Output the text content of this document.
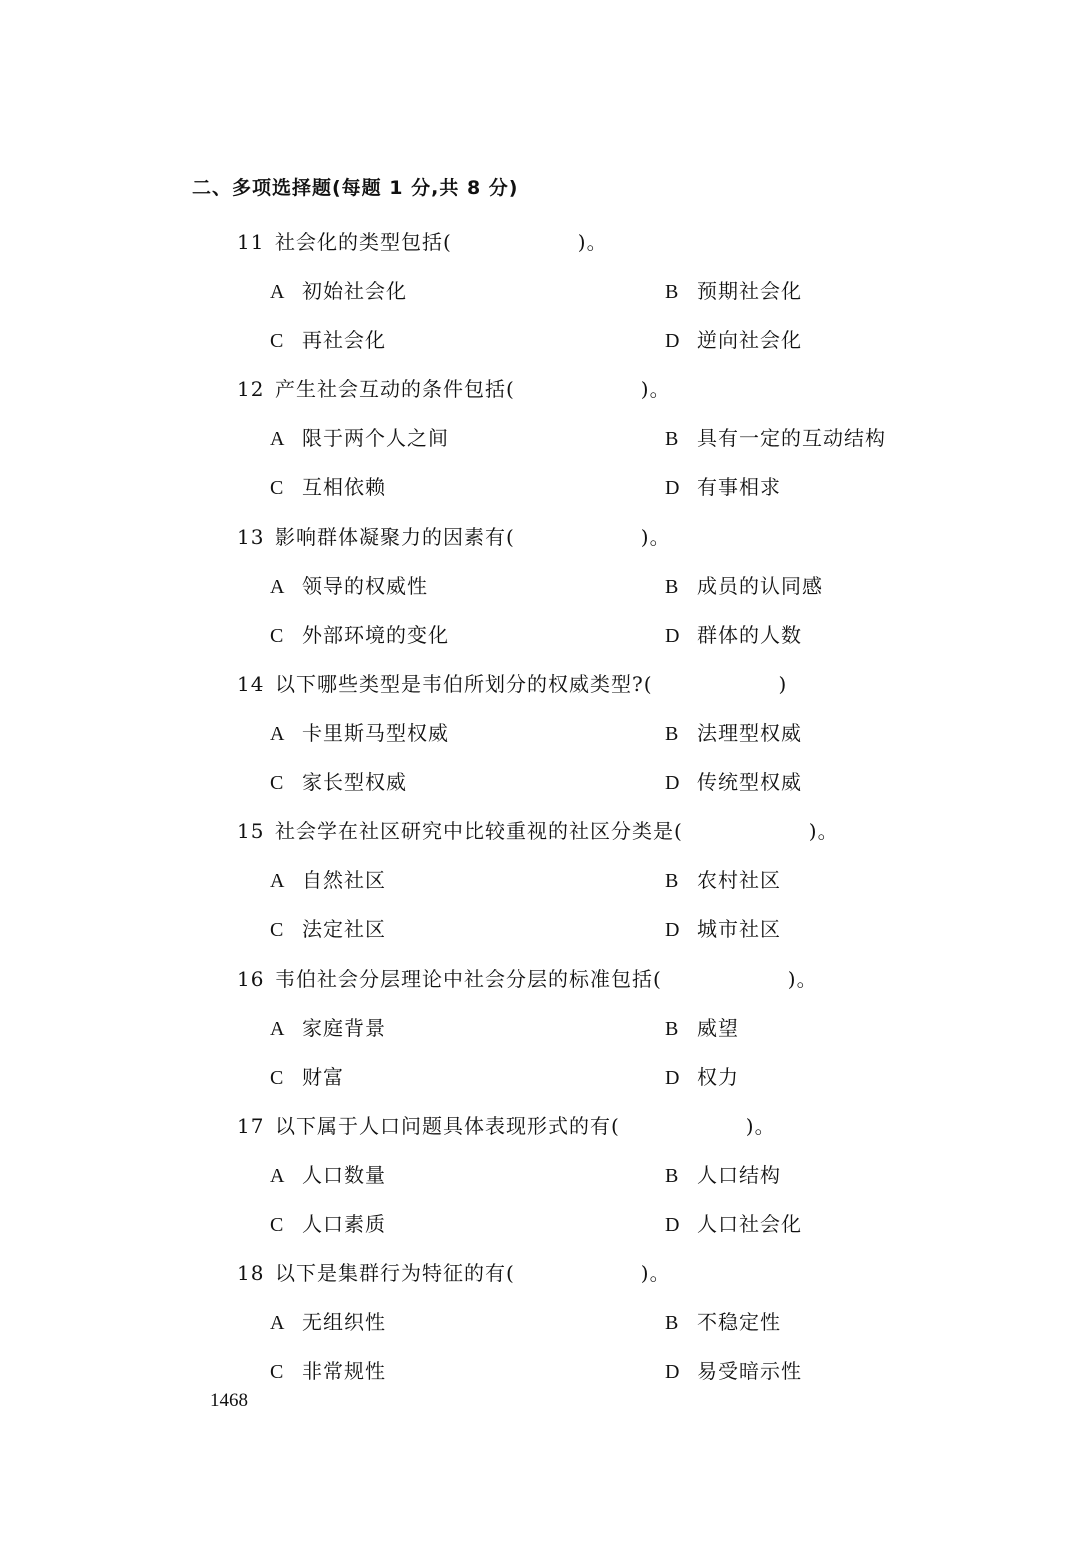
二、多项选择题(每题 1 分,共 8 分)
11 社会化的类型包括(　　　　　　)。
A 初始社会化	B 预期社会化
C 再社会化	D 逆向社会化
12 产生社会互动的条件包括(　　　　　　)。
A 限于两个人之间	B 具有一定的互动结构
C 互相依赖	D 有事相求
13 影响群体凝聚力的因素有(　　　　　　)。
A 领导的权威性	B 成员的认同感
C 外部环境的变化	D 群体的人数
14 以下哪些类型是韦伯所划分的权威类型?(　　　　　　)
A 卡里斯马型权威	B 法理型权威
C 家长型权威	D 传统型权威
15 社会学在社区研究中比较重视的社区分类是(　　　　　　)。
A 自然社区	B 农村社区
C 法定社区	D 城市社区
16 韦伯社会分层理论中社会分层的标准包括(　　　　　　)。
A 家庭背景	B 威望
C 财富	D 权力
17 以下属于人口问题具体表现形式的有(　　　　　　)。
A 人口数量	B 人口结构
C 人口素质	D 人口社会化
18 以下是集群行为特征的有(　　　　　　)。
A 无组织性	B 不稳定性
C 非常规性	D 易受暗示性
1468
